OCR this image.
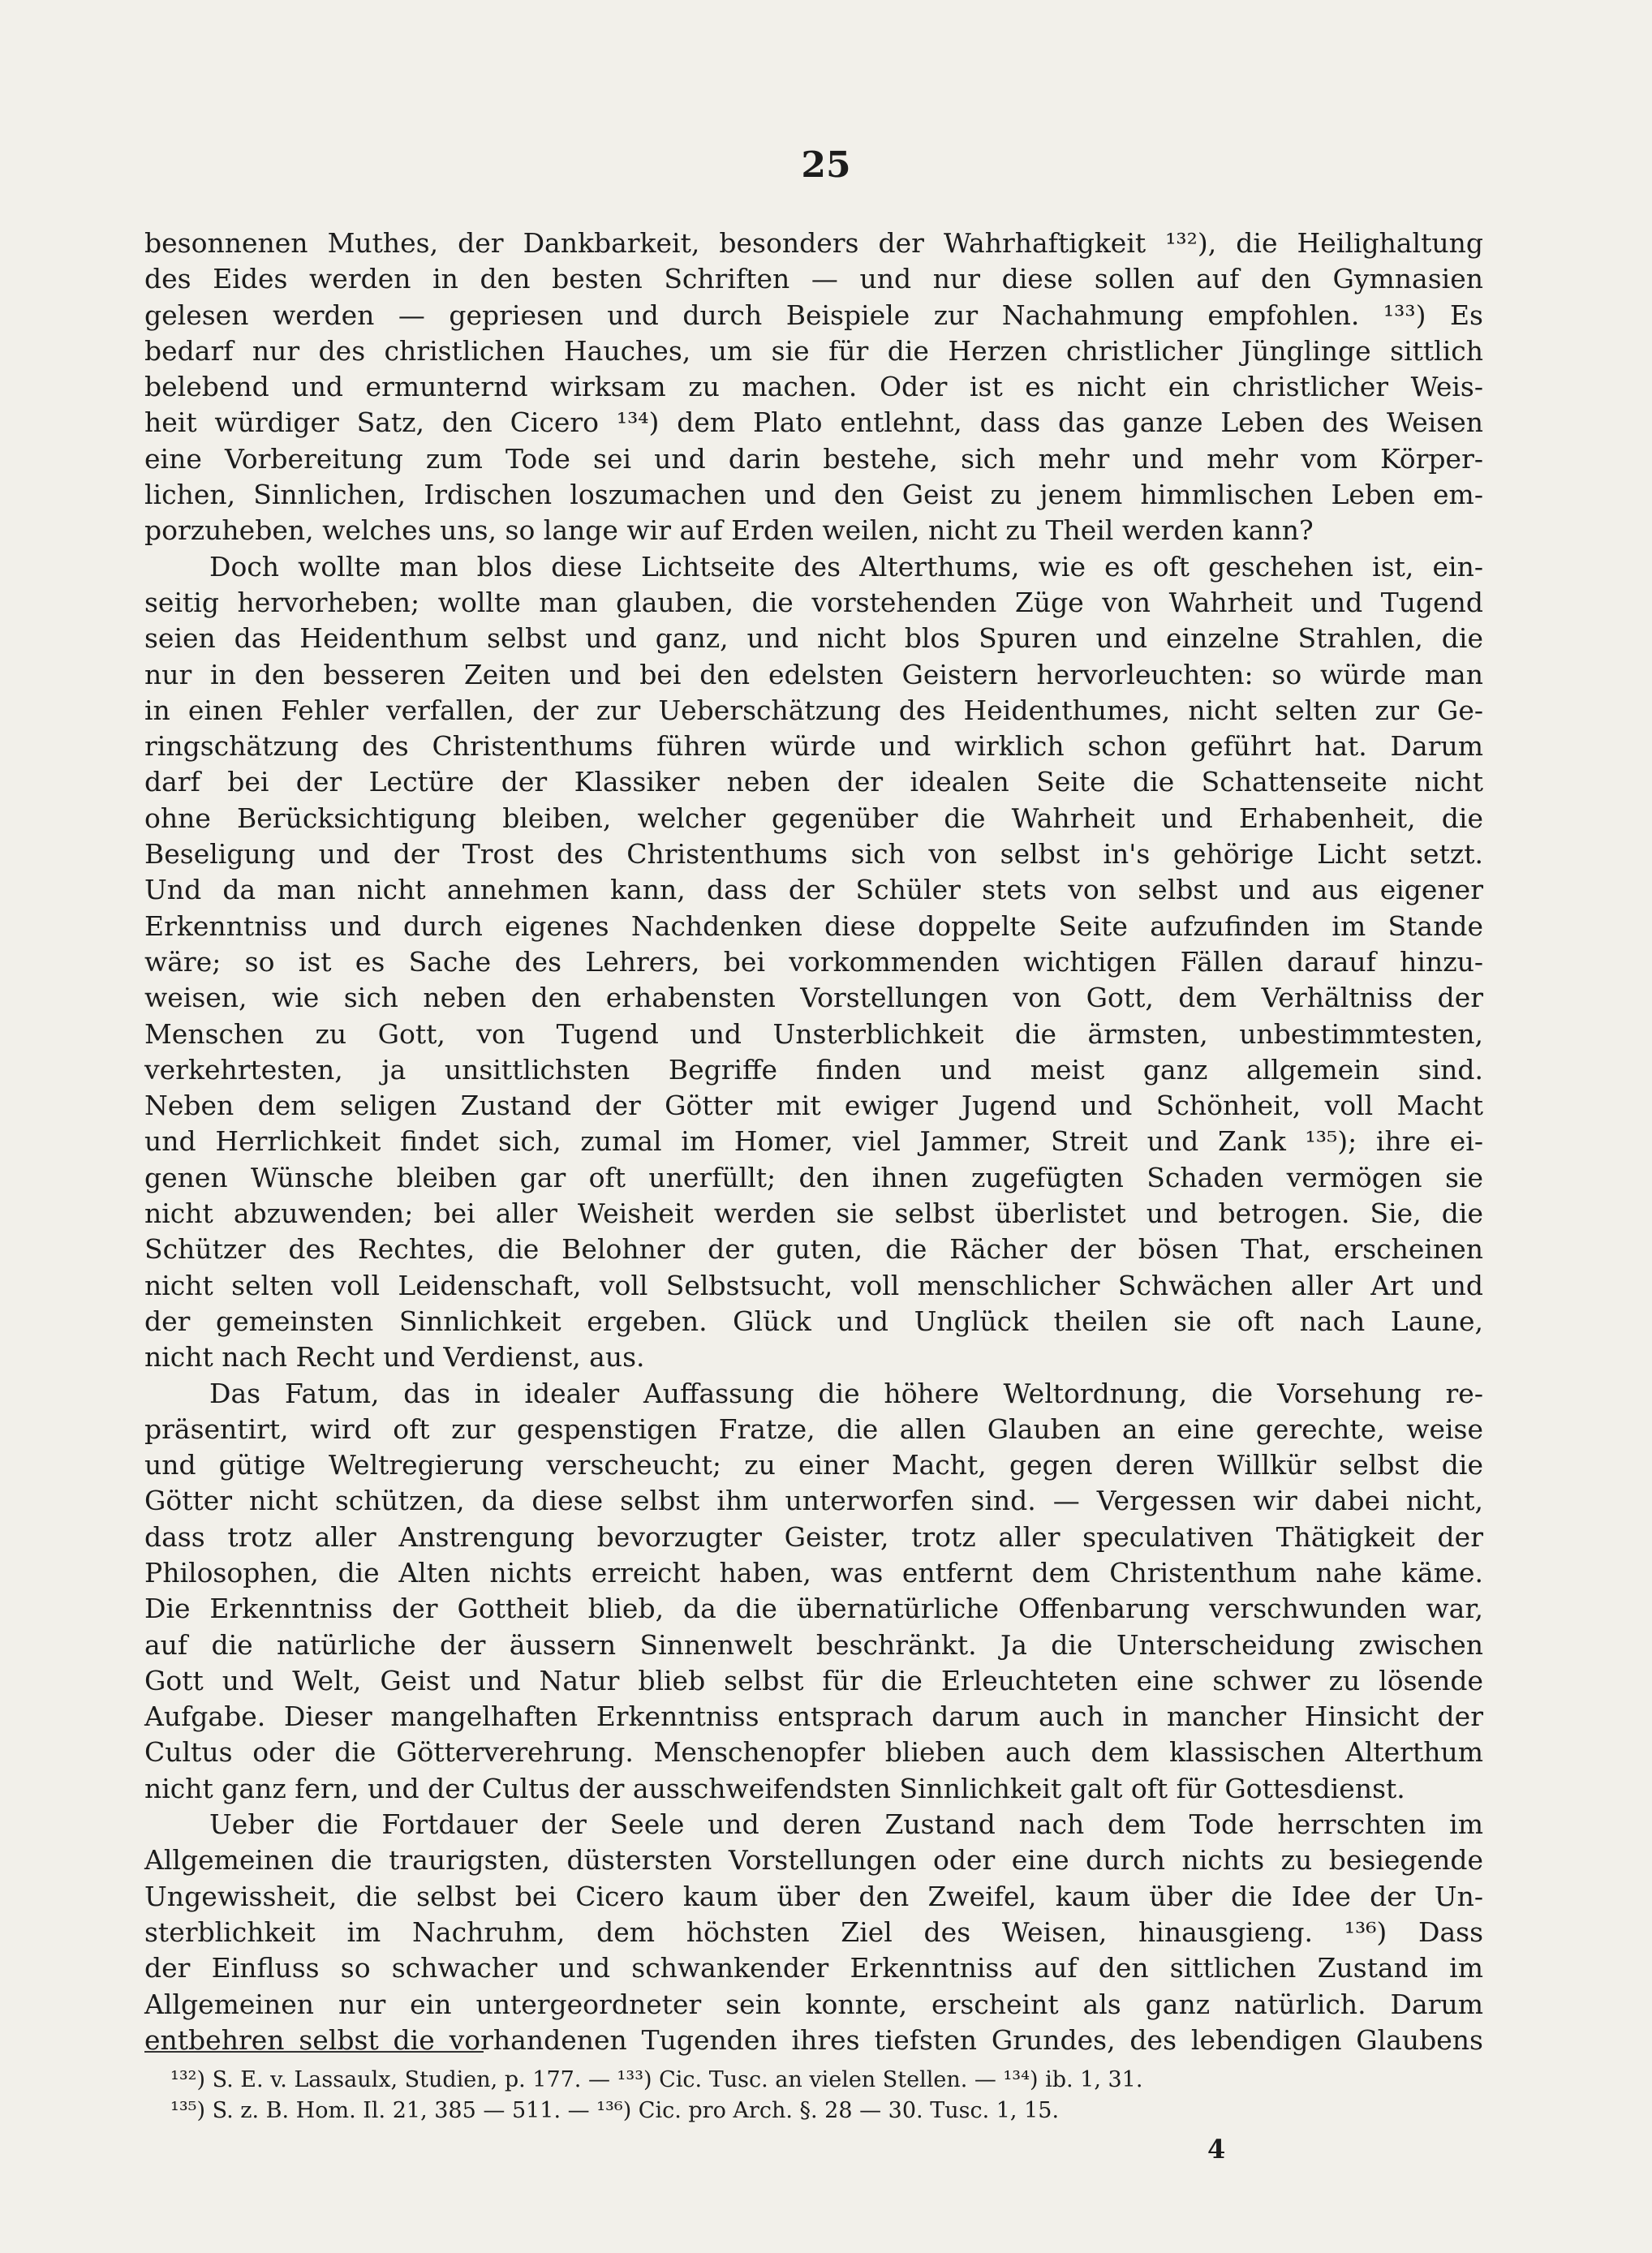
25
besonnenen Muthes, der Dankbarkeit, besonders der Wahrhaftigkeit ¹³²), die Heilighaltung
des Eides werden in den besten Schriften — und nur diese sollen auf den Gymnasien
gelesen werden — gepriesen und durch Beispiele zur Nachahmung empfohlen. ¹³³) Es
bedarf nur des christlichen Hauches, um sie für die Herzen christlicher Jünglinge sittlich
belebend und ermunternd wirksam zu machen. Oder ist es nicht ein christlicher Weis-
heit würdiger Satz, den Cicero ¹³⁴) dem Plato entlehnt, dass das ganze Leben des Weisen
eine Vorbereitung zum Tode sei und darin bestehe, sich mehr und mehr vom Körper-
lichen, Sinnlichen, Irdischen loszumachen und den Geist zu jenem himmlischen Leben em-
porzuheben, welches uns, so lange wir auf Erden weilen, nicht zu Theil werden kann?
Doch wollte man blos diese Lichtseite des Alterthums, wie es oft geschehen ist, ein-
seitig hervorheben; wollte man glauben, die vorstehenden Züge von Wahrheit und Tugend
seien das Heidenthum selbst und ganz, und nicht blos Spuren und einzelne Strahlen, die
nur in den besseren Zeiten und bei den edelsten Geistern hervorleuchten: so würde man
in einen Fehler verfallen, der zur Ueberschätzung des Heidenthumes, nicht selten zur Ge-
ringschätzung des Christenthums führen würde und wirklich schon geführt hat. Darum
darf bei der Lectüre der Klassiker neben der idealen Seite die Schattenseite nicht
ohne Berücksichtigung bleiben, welcher gegenüber die Wahrheit und Erhabenheit, die
Beseligung und der Trost des Christenthums sich von selbst in's gehörige Licht setzt.
Und da man nicht annehmen kann, dass der Schüler stets von selbst und aus eigener
Erkenntniss und durch eigenes Nachdenken diese doppelte Seite aufzufinden im Stande
wäre; so ist es Sache des Lehrers, bei vorkommenden wichtigen Fällen darauf hinzu-
weisen, wie sich neben den erhabensten Vorstellungen von Gott, dem Verhältniss der
Menschen zu Gott, von Tugend und Unsterblichkeit die ärmsten, unbestimmtesten,
verkehrtesten, ja unsittlichsten Begriffe finden und meist ganz allgemein sind.
Neben dem seligen Zustand der Götter mit ewiger Jugend und Schönheit, voll Macht
und Herrlichkeit findet sich, zumal im Homer, viel Jammer, Streit und Zank ¹³⁵); ihre ei-
genen Wünsche bleiben gar oft unerfüllt; den ihnen zugefügten Schaden vermögen sie
nicht abzuwenden; bei aller Weisheit werden sie selbst überlistet und betrogen. Sie, die
Schützer des Rechtes, die Belohner der guten, die Rächer der bösen That, erscheinen
nicht selten voll Leidenschaft, voll Selbstsucht, voll menschlicher Schwächen aller Art und
der gemeinsten Sinnlichkeit ergeben. Glück und Unglück theilen sie oft nach Laune,
nicht nach Recht und Verdienst, aus.
Das Fatum, das in idealer Auffassung die höhere Weltordnung, die Vorsehung re-
präsentirt, wird oft zur gespenstigen Fratze, die allen Glauben an eine gerechte, weise
und gütige Weltregierung verscheucht; zu einer Macht, gegen deren Willkür selbst die
Götter nicht schützen, da diese selbst ihm unterworfen sind. — Vergessen wir dabei nicht,
dass trotz aller Anstrengung bevorzugter Geister, trotz aller speculativen Thätigkeit der
Philosophen, die Alten nichts erreicht haben, was entfernt dem Christenthum nahe käme.
Die Erkenntniss der Gottheit blieb, da die übernatürliche Offenbarung verschwunden war,
auf die natürliche der äussern Sinnenwelt beschränkt. Ja die Unterscheidung zwischen
Gott und Welt, Geist und Natur blieb selbst für die Erleuchteten eine schwer zu lösende
Aufgabe. Dieser mangelhaften Erkenntniss entsprach darum auch in mancher Hinsicht der
Cultus oder die Götterverehrung. Menschenopfer blieben auch dem klassischen Alterthum
nicht ganz fern, und der Cultus der ausschweifendsten Sinnlichkeit galt oft für Gottesdienst.
Ueber die Fortdauer der Seele und deren Zustand nach dem Tode herrschten im
Allgemeinen die traurigsten, düstersten Vorstellungen oder eine durch nichts zu besiegende
Ungewissheit, die selbst bei Cicero kaum über den Zweifel, kaum über die Idee der Un-
sterblichkeit im Nachruhm, dem höchsten Ziel des Weisen, hinausgieng. ¹³⁶) Dass
der Einfluss so schwacher und schwankender Erkenntniss auf den sittlichen Zustand im
Allgemeinen nur ein untergeordneter sein konnte, erscheint als ganz natürlich. Darum
entbehren selbst die vorhandenen Tugenden ihres tiefsten Grundes, des lebendigen Glaubens
¹³²) S. E. v. Lassaulx, Studien, p. 177. — ¹³³) Cic. Tusc. an vielen Stellen. — ¹³⁴) ib. 1, 31.
¹³⁵) S. z. B. Hom. Il. 21, 385 — 511. — ¹³⁶) Cic. pro Arch. §. 28 — 30. Tusc. 1, 15.
4
